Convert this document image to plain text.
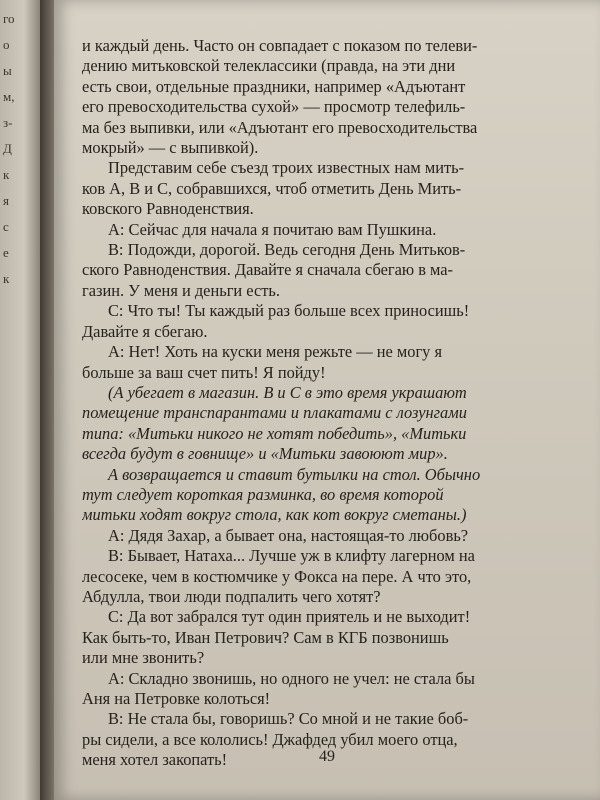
го
о
ы
м,
з-
Д
к
я
с
е
к
и каждый день. Часто он совпадает с показом по телеви-
дению митьковской телеклассики (правда, на эти дни
есть свои, отдельные праздники, например «Адъютант
его превосходительства сухой» — просмотр телефиль-
ма без выпивки, или «Адъютант его превосходительства
мокрый» — с выпивкой).
Представим себе съезд троих известных нам мить-
ков А, В и С, собравшихся, чтоб отметить День Мить-
ковского Равноденствия.
А: Сейчас для начала я почитаю вам Пушкина.
В: Подожди, дорогой. Ведь сегодня День Митьков-
ского Равноденствия. Давайте я сначала сбегаю в ма-
газин. У меня и деньги есть.
С: Что ты! Ты каждый раз больше всех приносишь!
Давайте я сбегаю.
А: Нет! Хоть на куски меня режьте — не могу я
больше за ваш счет пить! Я пойду!
(А убегает в магазин. В и С в это время украшают
помещение транспарантами и плакатами с лозунгами
типа: «Митьки никого не хотят победить», «Митьки
всегда будут в говнище» и «Митьки завоюют мир».
А возвращается и ставит бутылки на стол. Обычно
тут следует короткая разминка, во время которой
митьки ходят вокруг стола, как кот вокруг сметаны.)
А: Дядя Захар, а бывает она, настоящая-то любовь?
В: Бывает, Натаха... Лучше уж в клифту лагерном на
лесосеке, чем в костюмчике у Фокса на пере. А что это,
Абдулла, твои люди подпалить чего хотят?
С: Да вот забрался тут один приятель и не выходит!
Как быть-то, Иван Петрович? Сам в КГБ позвонишь
или мне звонить?
А: Складно звонишь, но одного не учел: не стала бы
Аня на Петровке колоться!
В: Не стала бы, говоришь? Со мной и не такие боб-
ры сидели, а все кололись! Джафдед убил моего отца,
меня хотел закопать!	49
